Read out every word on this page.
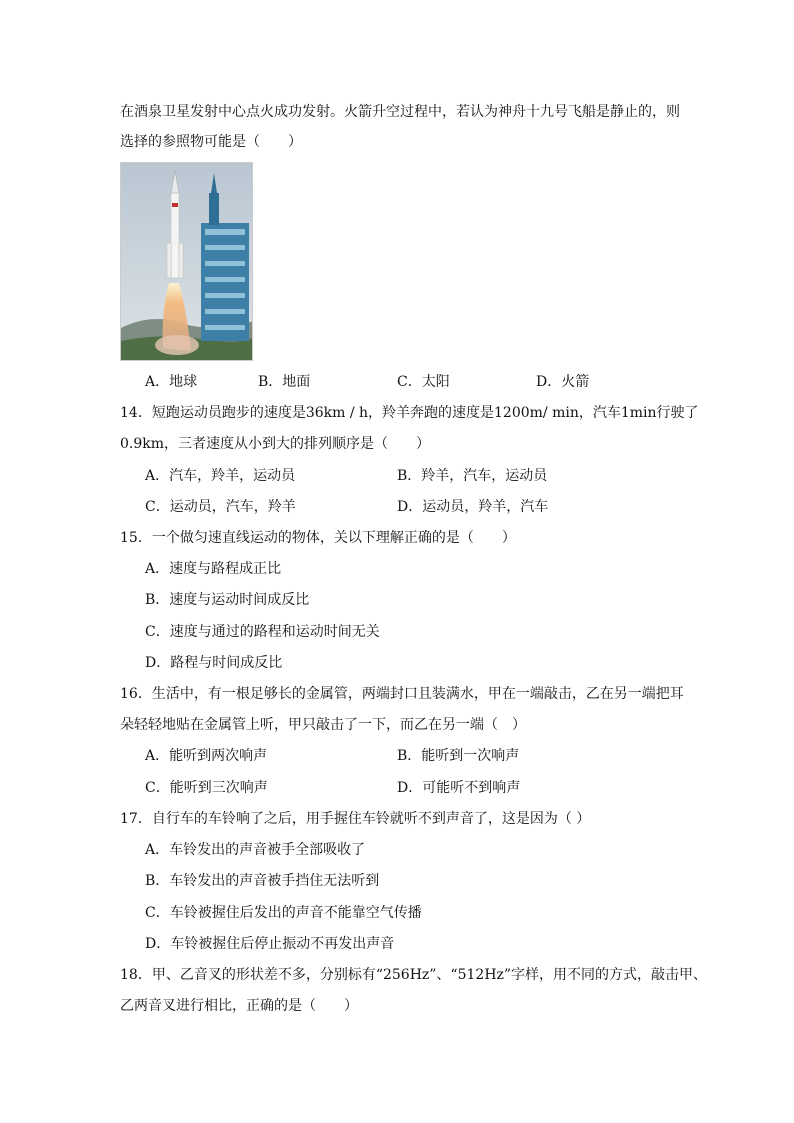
在酒泉卫星发射中心点火成功发射。火箭升空过程中，若认为神舟十九号飞船是静止的，则
选择的参照物可能是（　　）
A．地球	B．地面	C．太阳	D．火箭
14．短跑运动员跑步的速度是36km / h，羚羊奔跑的速度是1200m/ min，汽车1min行驶了
0.9km，三者速度从小到大的排列顺序是（　　）
A．汽车，羚羊，运动员	B．羚羊，汽车，运动员
C．运动员，汽车，羚羊	D．运动员，羚羊，汽车
15．一个做匀速直线运动的物体，关以下理解正确的是（　　）
A．速度与路程成正比
B．速度与运动时间成反比
C．速度与通过的路程和运动时间无关
D．路程与时间成反比
16．生活中，有一根足够长的金属管，两端封口且装满水，甲在一端敲击，乙在另一端把耳
朵轻轻地贴在金属管上听，甲只敲击了一下，而乙在另一端（　）
A．能听到两次响声	B．能听到一次响声
C．能听到三次响声	D．可能听不到响声
17．自行车的车铃响了之后，用手握住车铃就听不到声音了，这是因为（ ）
A．车铃发出的声音被手全部吸收了
B．车铃发出的声音被手挡住无法听到
C．车铃被握住后发出的声音不能靠空气传播
D．车铃被握住后停止振动不再发出声音
18．甲、乙音叉的形状差不多，分别标有“256Hz”、“512Hz”字样，用不同的方式，敲击甲、
乙两音叉进行相比，正确的是（　　）
